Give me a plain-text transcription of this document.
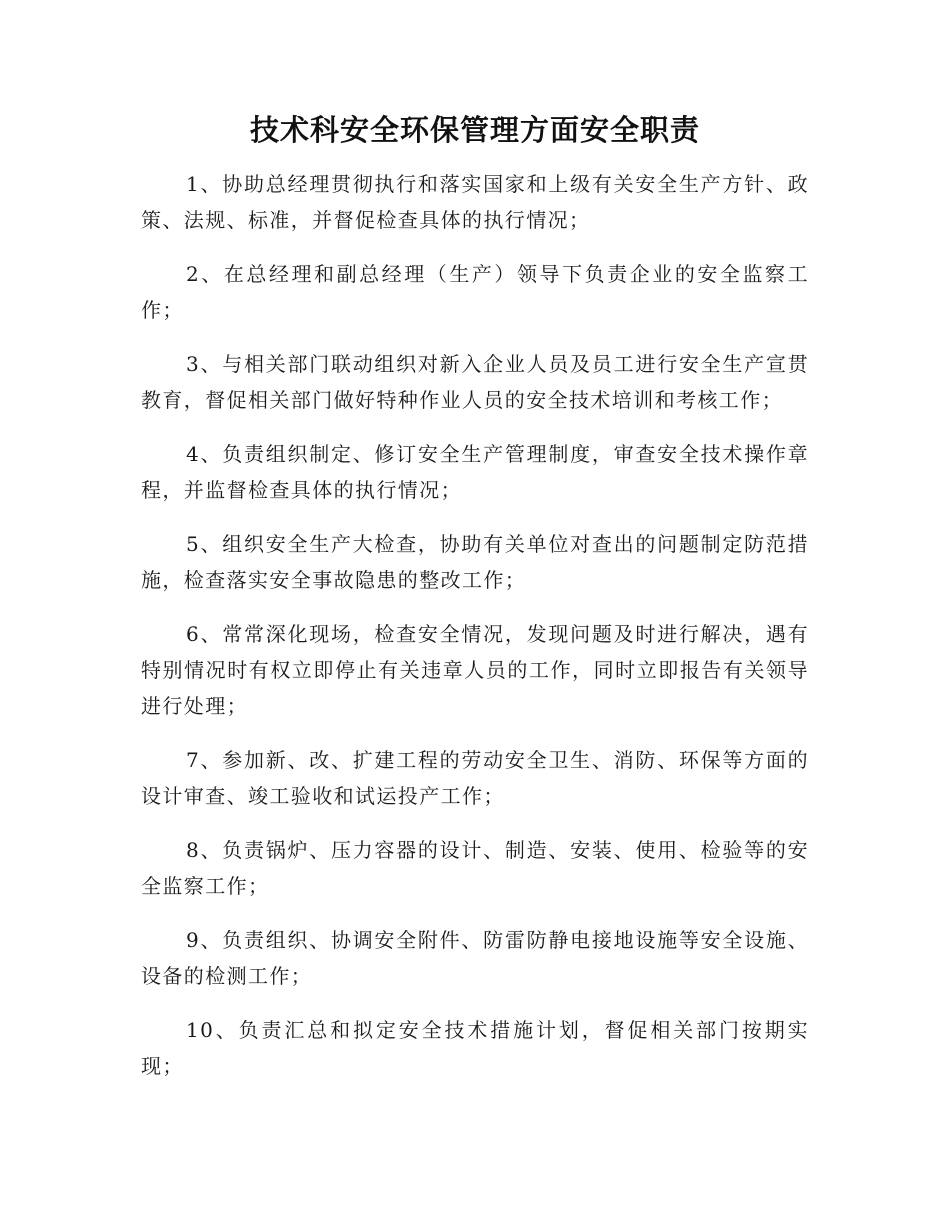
技术科安全环保管理方面安全职责

1、协助总经理贯彻执行和落实国家和上级有关安全生产方针、政策、法规、标准，并督促检查具体的执行情况；

2、在总经理和副总经理（生产）领导下负责企业的安全监察工作；

3、与相关部门联动组织对新入企业人员及员工进行安全生产宣贯教育，督促相关部门做好特种作业人员的安全技术培训和考核工作；

4、负责组织制定、修订安全生产管理制度，审查安全技术操作章程，并监督检查具体的执行情况；

5、组织安全生产大检查，协助有关单位对查出的问题制定防范措施，检查落实安全事故隐患的整改工作；

6、常常深化现场，检查安全情况，发现问题及时进行解决，遇有特别情况时有权立即停止有关违章人员的工作，同时立即报告有关领导进行处理；

7、参加新、改、扩建工程的劳动安全卫生、消防、环保等方面的设计审查、竣工验收和试运投产工作；

8、负责锅炉、压力容器的设计、制造、安装、使用、检验等的安全监察工作；

9、负责组织、协调安全附件、防雷防静电接地设施等安全设施、设备的检测工作；

10、负责汇总和拟定安全技术措施计划，督促相关部门按期实现；
